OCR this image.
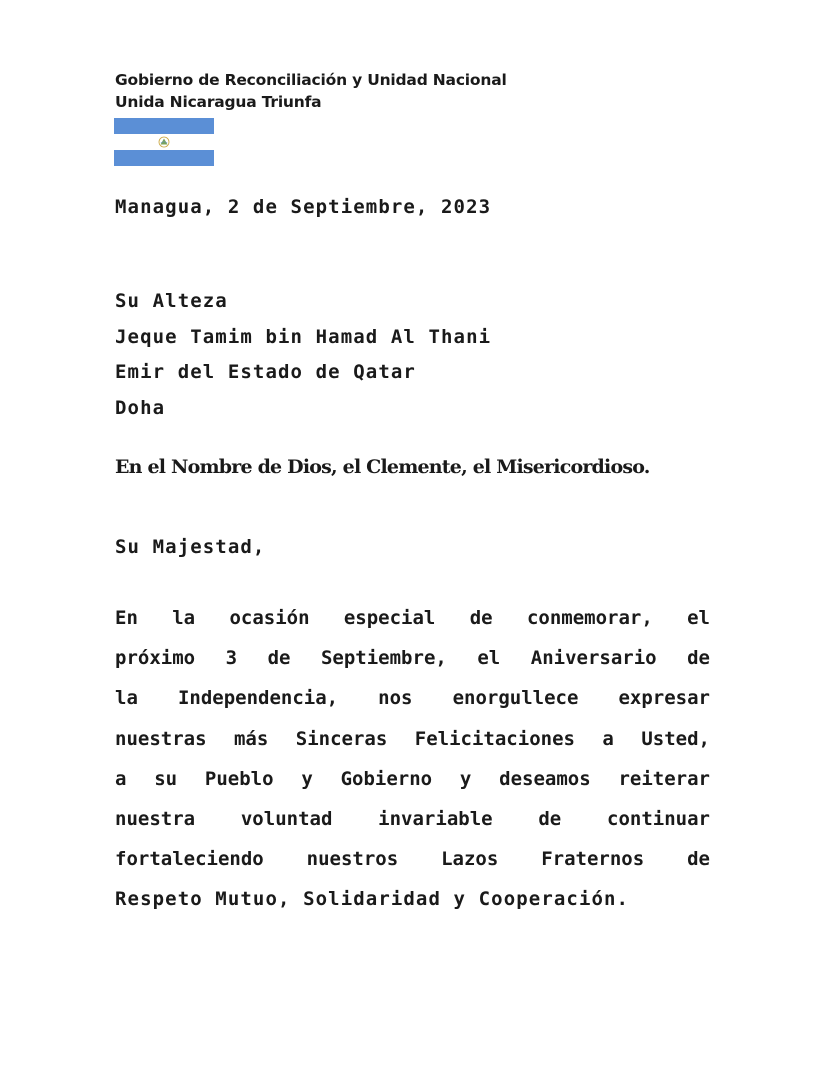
Gobierno de Reconciliación y Unidad Nacional
Unida Nicaragua Triunfa
Managua, 2 de Septiembre, 2023
Su Alteza
Jeque Tamim bin Hamad Al Thani
Emir del Estado de Qatar
Doha
En el Nombre de Dios, el Clemente, el Misericordioso.
Su Majestad,
En la ocasión especial de conmemorar, el
próximo 3 de Septiembre, el Aniversario de
la Independencia, nos enorgullece expresar
nuestras más Sinceras Felicitaciones a Usted,
a su Pueblo y Gobierno y deseamos reiterar
nuestra voluntad invariable de continuar
fortaleciendo nuestros Lazos Fraternos de
Respeto Mutuo, Solidaridad y Cooperación.
